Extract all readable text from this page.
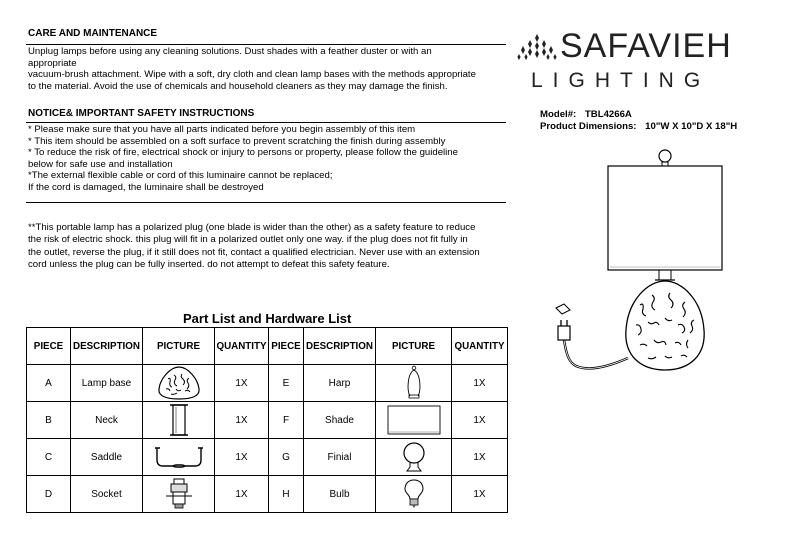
CARE AND MAINTENANCE
Unplug lamps before using any cleaning solutions. Dust shades with a feather duster or with an
appropriate
vacuum-brush attachment. Wipe with a soft, dry cloth and clean lamp bases with the methods appropriate
to the material. Avoid the use of chemicals and household cleaners as they may damage the finish.
NOTICE& IMPORTANT SAFETY INSTRUCTIONS
* Please make sure that you have all parts indicated before you begin assembly of this item
* This item should be assembled on a soft surface to prevent scratching the finish during assembly
* To reduce the risk of fire, electrical shock or injury to persons or property, please follow the guideline
below for safe use and installation
*The external flexible cable or cord of this luminaire cannot be replaced;
If the cord is damaged, the luminaire shall be destroyed
**This portable lamp has a polarized plug (one blade is wider than the other) as a safety feature to reduce
the risk of electric shock. this plug will fit in a polarized outlet only one way. if the plug does not fit fully in
the outlet, reverse the plug, if it still does not fit, contact a qualified electrician. Never use with an extension
cord unless the plug can be fully inserted. do not attempt to defeat this safety feature.
Part List and Hardware List
PIECE	DESCRIPTION	PICTURE	QUANTITY	PIECE	DESCRIPTION	PICTURE	QUANTITY
A	Lamp base		1X	E	Harp		1X
B	Neck		1X	F	Shade		1X
C	Saddle		1X	G	Finial		1X
D	Socket		1X	H	Bulb		1X
SAFAVIEH
LIGHTING
Model#: TBL4266A
Product Dimensions: 10"W X 10"D X 18"H
